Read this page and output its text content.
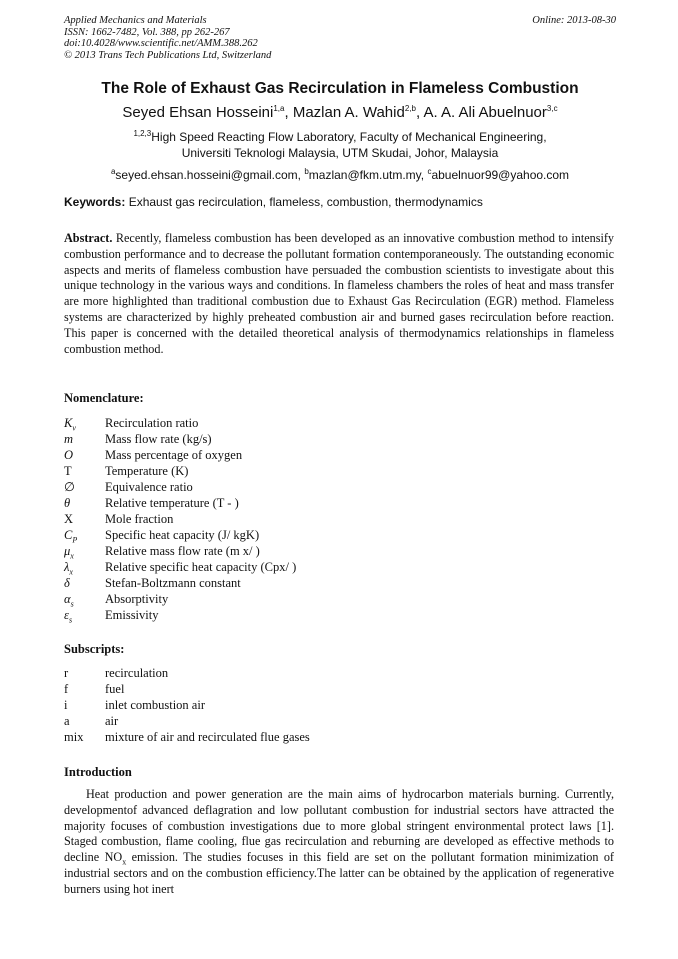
Applied Mechanics and Materials
ISSN: 1662-7482, Vol. 388, pp 262-267
doi:10.4028/www.scientific.net/AMM.388.262
© 2013 Trans Tech Publications Ltd, Switzerland
Online: 2013-08-30
The Role of Exhaust Gas Recirculation in Flameless Combustion
Seyed Ehsan Hosseini$^{1,a}$, Mazlan A. Wahid$^{2,b}$, A. A. Ali Abuelnuor$^{3,c}$
$^{1,2,3}$High Speed Reacting Flow Laboratory, Faculty of Mechanical Engineering,
Universiti Teknologi Malaysia, UTM Skudai, Johor, Malaysia
$^a$seyed.ehsan.hosseini@gmail.com, $^b$mazlan@fkm.utm.my, $^c$abuelnuor99@yahoo.com
Keywords: Exhaust gas recirculation, flameless, combustion, thermodynamics
Abstract. Recently, flameless combustion has been developed as an innovative combustion method to intensify combustion performance and to decrease the pollutant formation contemporaneously. The outstanding economic aspects and merits of flameless combustion have persuaded the combustion scientists to investigate about this unique technology in the various ways and conditions. In flameless chambers the roles of heat and mass transfer are more highlighted than traditional combustion due to Exhaust Gas Recirculation (EGR) method. Flameless systems are characterized by highly preheated combustion air and burned gases recirculation before reaction. This paper is concerned with the detailed theoretical analysis of thermodynamics relationships in flameless combustion method.
Nomenclature:
$K_v$ Recirculation ratio
m	Mass flow rate (kg/s)
O	Mass percentage of oxygen
T	Temperature (K)
∅ Equivalence ratio
θ	Relative temperature (T - )
X	Mole fraction
$C_P$ Specific heat capacity (J/ kgK)
$\mu_x$ Relative mass flow rate (m x/ )
$\lambda_x$	Relative specific heat capacity (Cpx/ )
δ	Stefan-Boltzmann constant
$\alpha_s$	Absorptivity
$\varepsilon_s$	Emissivity
Subscripts:
r	recirculation
f	fuel
i	inlet combustion air
a	air
mix mixture of air and recirculated flue gases
Introduction
Heat production and power generation are the main aims of hydrocarbon materials burning. Currently, developmentof advanced deflagration and low pollutant combustion for industrial sectors have attracted the majority focuses of combustion investigations due to more global stringent environmental protect laws [1]. Staged combustion, flame cooling, flue gas recirculation and reburning are developed as effective methods to decline $NO_x$ emission. The studies focuses in this field are set on the pollutant formation minimization of industrial sectors and on the combustion efficiency.The latter can be obtained by the application of regenerative burners using hot inert
